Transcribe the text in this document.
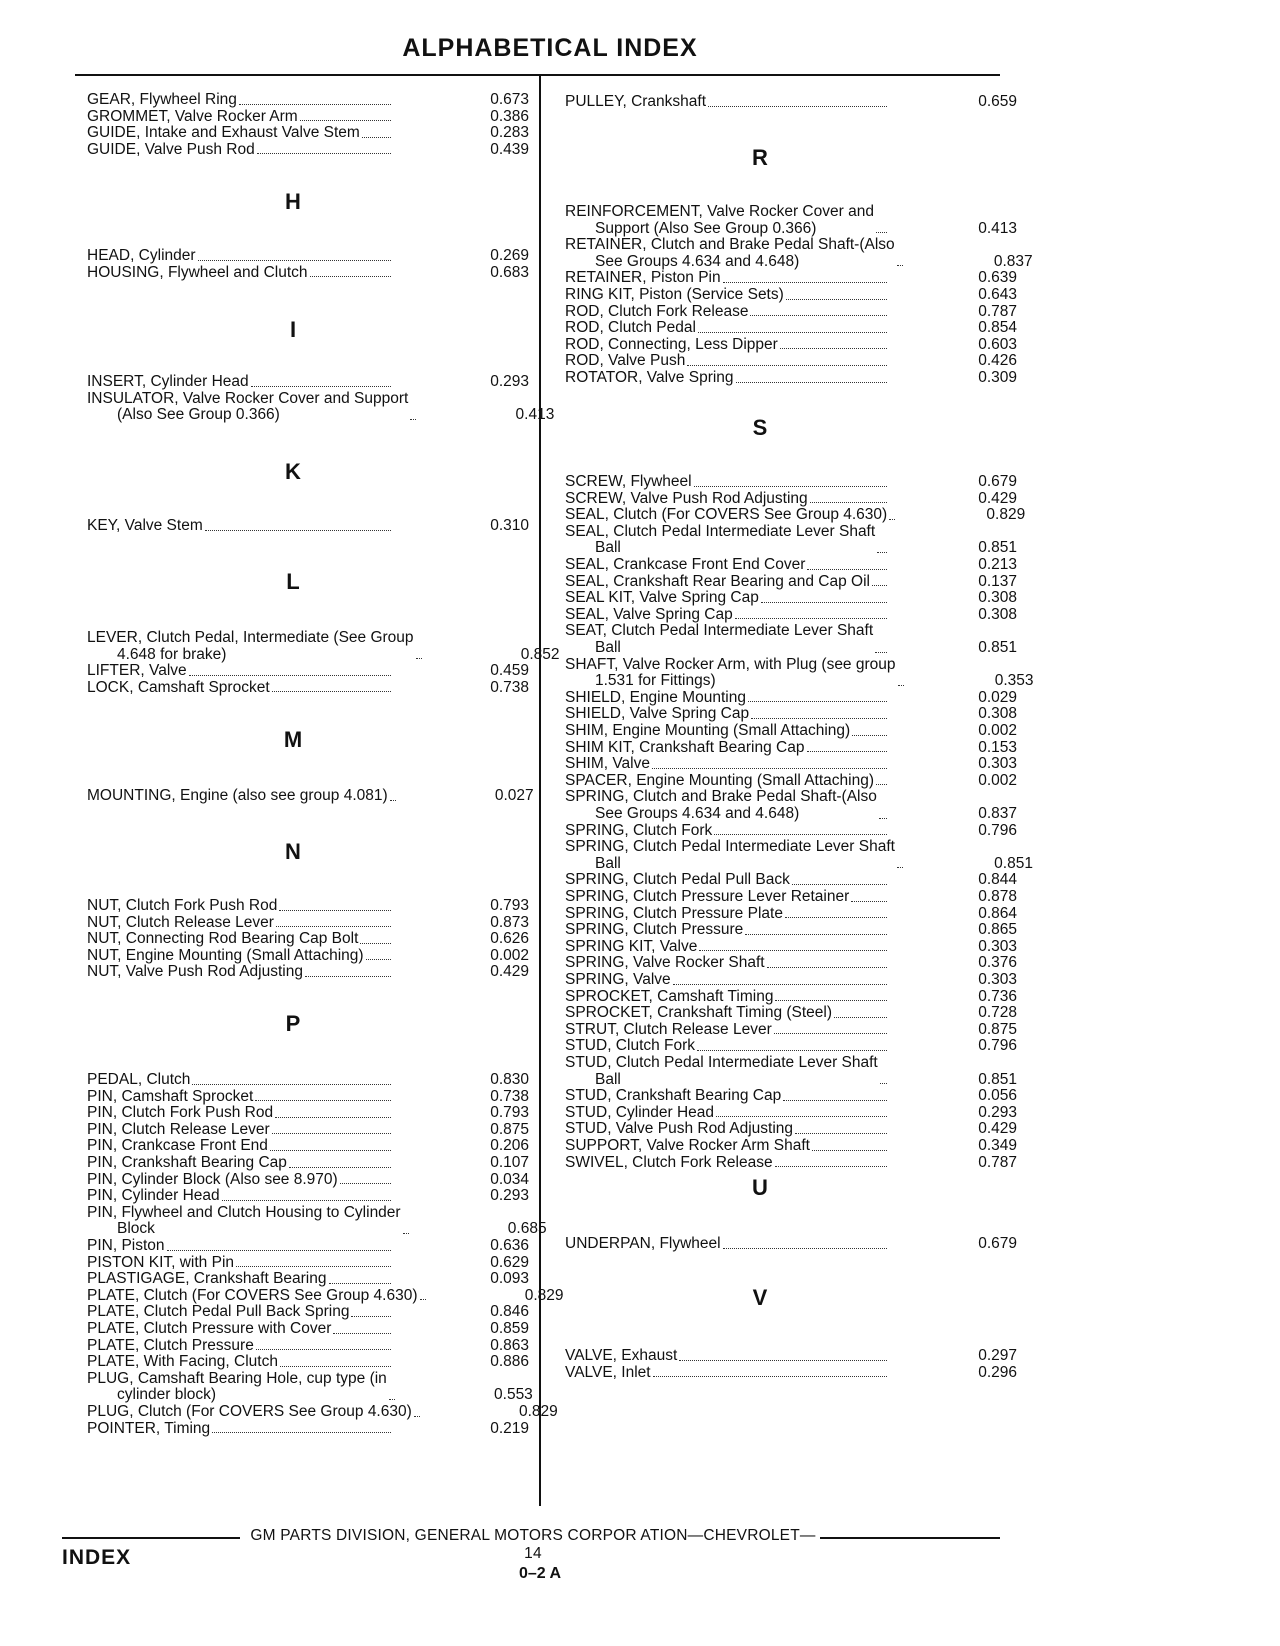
ALPHABETICAL INDEX
GEAR, Flywheel Ring	0.673
GROMMET, Valve Rocker Arm	0.386
GUIDE, Intake and Exhaust Valve Stem	0.283
GUIDE, Valve Push Rod	0.439
H
HEAD, Cylinder	0.269
HOUSING, Flywheel and Clutch	0.683
I
INSERT, Cylinder Head	0.293
INSULATOR, Valve Rocker Cover and Support
(Also See Group 0.366)	0.413
K
KEY, Valve Stem	0.310
L
LEVER, Clutch Pedal, Intermediate (See Group
4.648 for brake)	0.852
LIFTER, Valve	0.459
LOCK, Camshaft Sprocket	0.738
M
MOUNTING, Engine (also see group 4.081)	0.027
N
NUT, Clutch Fork Push Rod	0.793
NUT, Clutch Release Lever	0.873
NUT, Connecting Rod Bearing Cap Bolt	0.626
NUT, Engine Mounting (Small Attaching)	0.002
NUT, Valve Push Rod Adjusting	0.429
P
PEDAL, Clutch	0.830
PIN, Camshaft Sprocket	0.738
PIN, Clutch Fork Push Rod	0.793
PIN, Clutch Release Lever	0.875
PIN, Crankcase Front End	0.206
PIN, Crankshaft Bearing Cap	0.107
PIN, Cylinder Block (Also see 8.970)	0.034
PIN, Cylinder Head	0.293
PIN, Flywheel and Clutch Housing to Cylinder
Block	0.685
PIN, Piston	0.636
PISTON KIT, with Pin	0.629
PLASTIGAGE, Crankshaft Bearing	0.093
PLATE, Clutch (For COVERS See Group 4.630)	0.829
PLATE, Clutch Pedal Pull Back Spring	0.846
PLATE, Clutch Pressure with Cover	0.859
PLATE, Clutch Pressure	0.863
PLATE, With Facing, Clutch	0.886
PLUG, Camshaft Bearing Hole, cup type (in
cylinder block)	0.553
PLUG, Clutch (For COVERS See Group 4.630)	0.829
POINTER, Timing	0.219
PULLEY, Crankshaft	0.659
R
REINFORCEMENT, Valve Rocker Cover and
Support (Also See Group 0.366)	0.413
RETAINER, Clutch and Brake Pedal Shaft-(Also
See Groups 4.634 and 4.648)	0.837
RETAINER, Piston Pin	0.639
RING KIT, Piston (Service Sets)	0.643
ROD, Clutch Fork Release	0.787
ROD, Clutch Pedal	0.854
ROD, Connecting, Less Dipper	0.603
ROD, Valve Push	0.426
ROTATOR, Valve Spring	0.309
S
SCREW, Flywheel	0.679
SCREW, Valve Push Rod Adjusting	0.429
SEAL, Clutch (For COVERS See Group 4.630)	0.829
SEAL, Clutch Pedal Intermediate Lever Shaft
Ball	0.851
SEAL, Crankcase Front End Cover	0.213
SEAL, Crankshaft Rear Bearing and Cap Oil	0.137
SEAL KIT, Valve Spring Cap	0.308
SEAL, Valve Spring Cap	0.308
SEAT, Clutch Pedal Intermediate Lever Shaft
Ball	0.851
SHAFT, Valve Rocker Arm, with Plug (see group
1.531 for Fittings)	0.353
SHIELD, Engine Mounting	0.029
SHIELD, Valve Spring Cap	0.308
SHIM, Engine Mounting (Small Attaching)	0.002
SHIM KIT, Crankshaft Bearing Cap	0.153
SHIM, Valve	0.303
SPACER, Engine Mounting (Small Attaching)	0.002
SPRING, Clutch and Brake Pedal Shaft-(Also
See Groups 4.634 and 4.648)	0.837
SPRING, Clutch Fork	0.796
SPRING, Clutch Pedal Intermediate Lever Shaft
Ball	0.851
SPRING, Clutch Pedal Pull Back	0.844
SPRING, Clutch Pressure Lever Retainer	0.878
SPRING, Clutch Pressure Plate	0.864
SPRING, Clutch Pressure	0.865
SPRING KIT, Valve	0.303
SPRING, Valve Rocker Shaft	0.376
SPRING, Valve	0.303
SPROCKET, Camshaft Timing	0.736
SPROCKET, Crankshaft Timing (Steel)	0.728
STRUT, Clutch Release Lever	0.875
STUD, Clutch Fork	0.796
STUD, Clutch Pedal Intermediate Lever Shaft
Ball	0.851
STUD, Crankshaft Bearing Cap	0.056
STUD, Cylinder Head	0.293
STUD, Valve Push Rod Adjusting	0.429
SUPPORT, Valve Rocker Arm Shaft	0.349
SWIVEL, Clutch Fork Release	0.787
U
UNDERPAN, Flywheel	0.679
V
VALVE, Exhaust	0.297
VALVE, Inlet	0.296
GM PARTS DIVISION, GENERAL MOTORS CORPOR ATION—CHEVROLET—14
INDEX
0–2 A
